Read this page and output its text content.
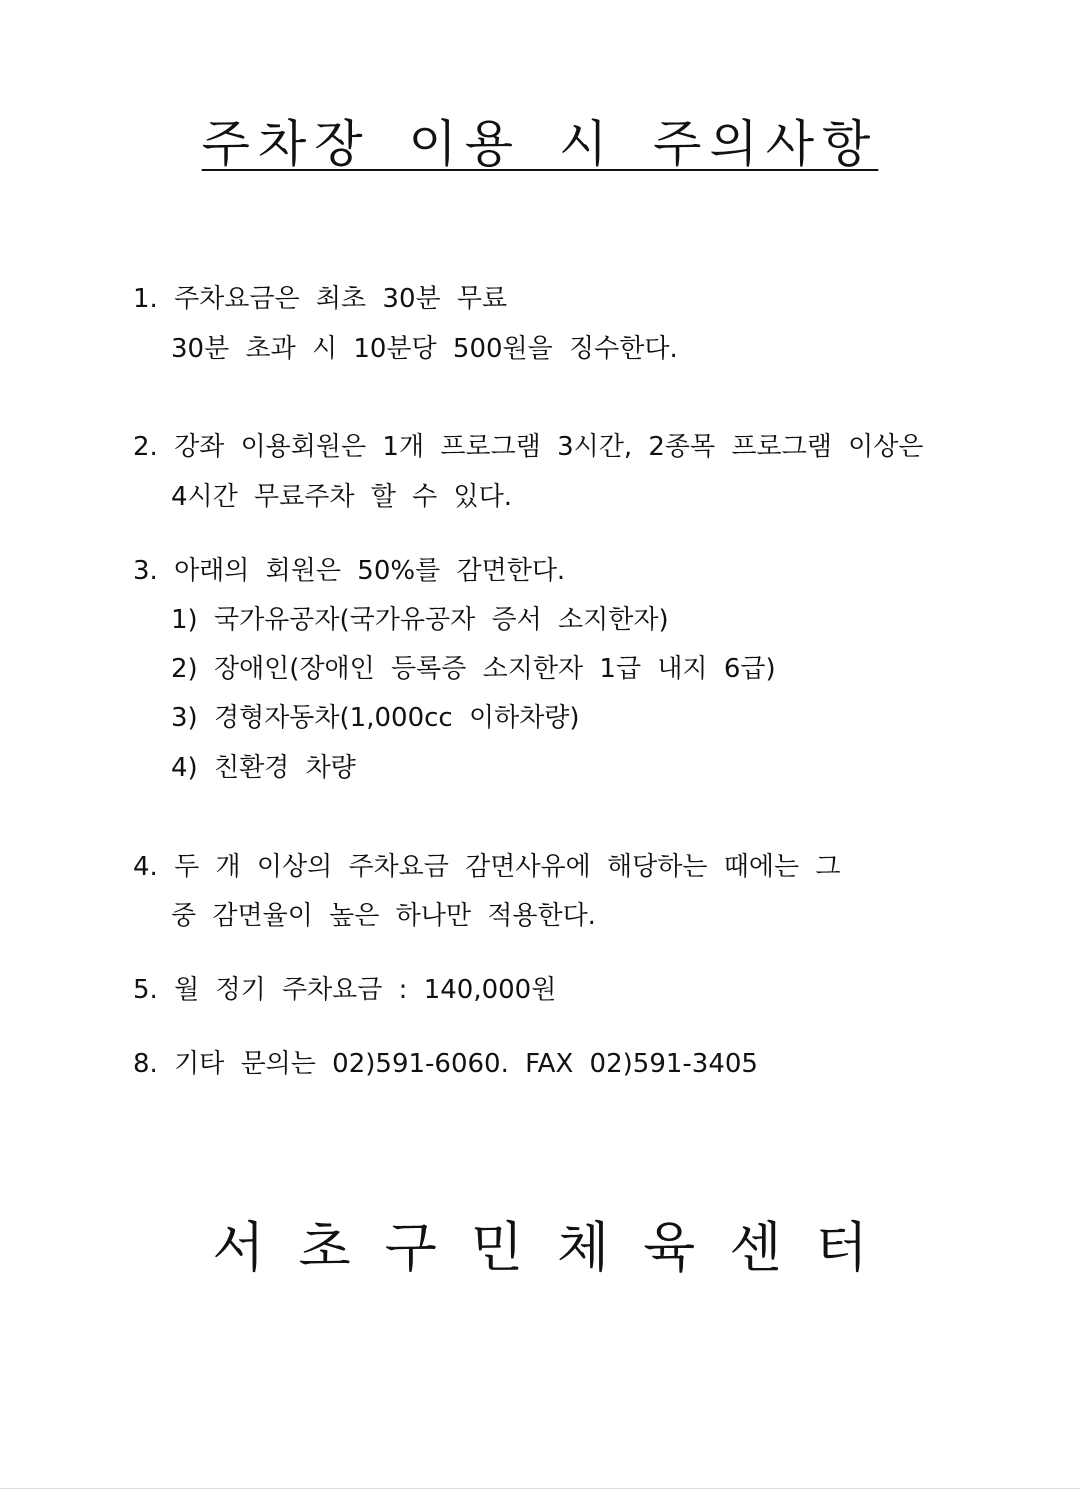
주차장 이용 시 주의사항
1. 주차요금은 최초 30분 무료
30분 초과 시 10분당 500원을 징수한다.
2. 강좌 이용회원은 1개 프로그램 3시간, 2종목 프로그램 이상은
4시간 무료주차 할 수 있다.
3. 아래의 회원은 50%를 감면한다.
1) 국가유공자(국가유공자 증서 소지한자)
2) 장애인(장애인 등록증 소지한자 1급 내지 6급)
3) 경형자동차(1,000cc 이하차량)
4) 친환경 차량
4. 두 개 이상의 주차요금 감면사유에 해당하는 때에는 그
중 감면율이 높은 하나만 적용한다.
5. 월 정기 주차요금 : 140,000원
8. 기타 문의는 02)591-6060. FAX 02)591-3405
서초구민체육센터
